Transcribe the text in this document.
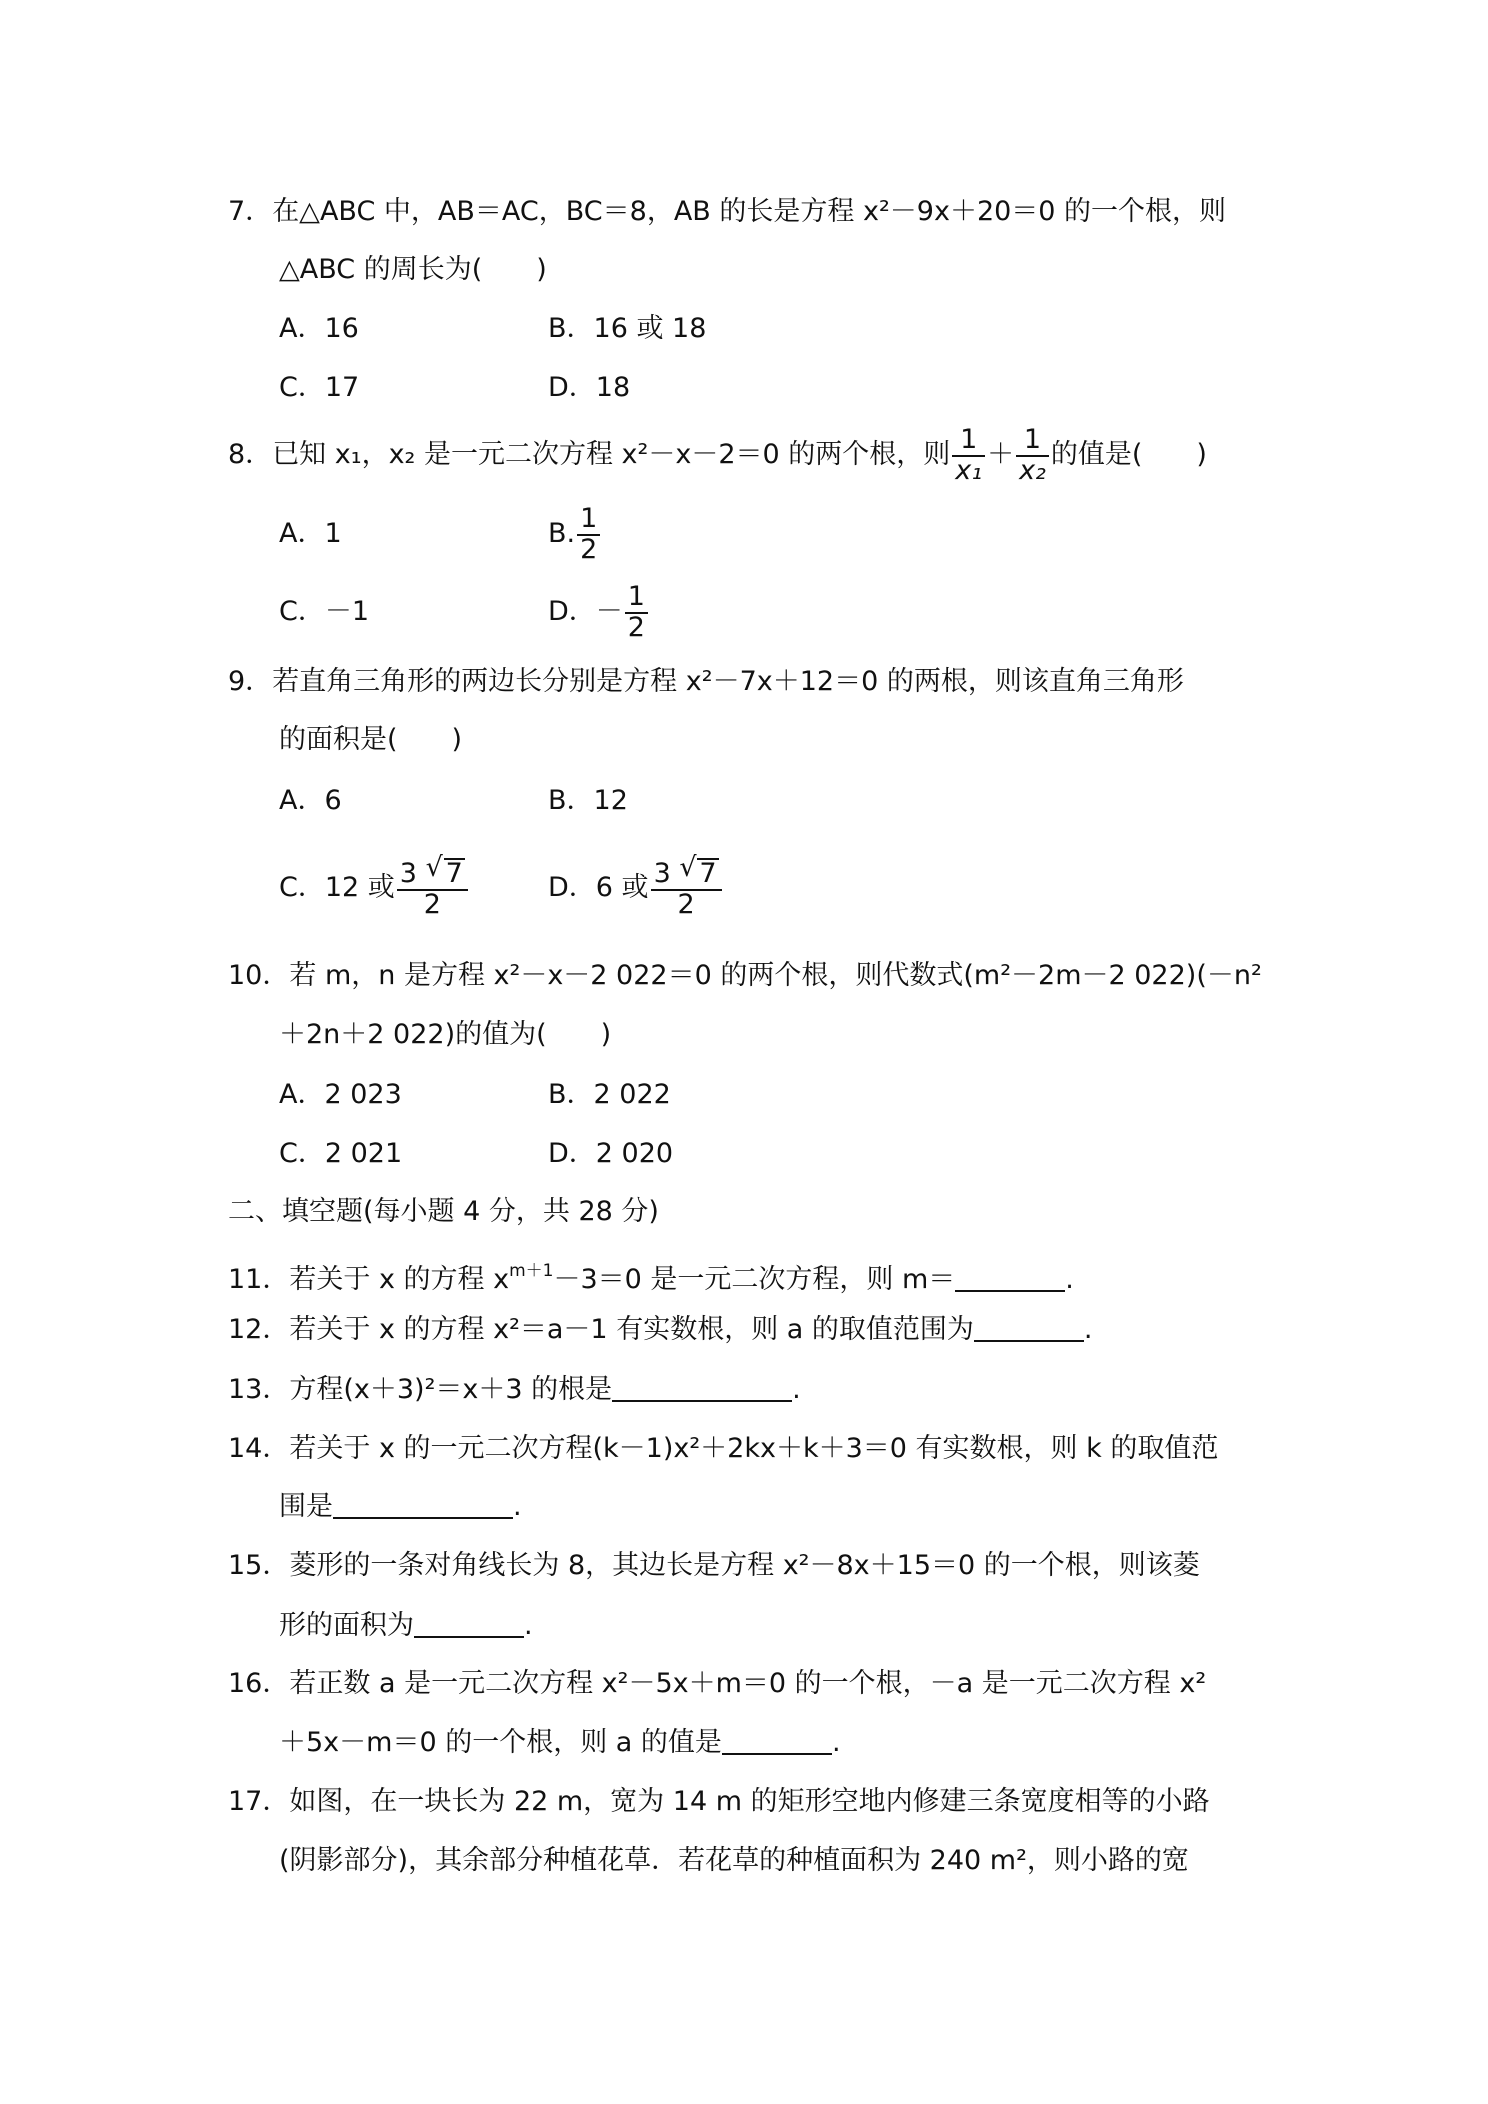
7．在△ABC 中，AB＝AC，BC＝8，AB 的长是方程 x²－9x＋20＝0 的一个根，则
△ABC 的周长为(　　)
A．16	B．16 或 18
C．17	D．18
8．已知 x₁，x₂ 是一元二次方程 x²－x－2＝0 的两个根，则 $\frac{1}{\text{x₁}} + \frac{1}{\text{x₂}}$ 的值是(　　)
A．1	B. $\frac{1}{2}$
C．－1	D．－ $\frac{1}{2}$
9．若直角三角形的两边长分别是方程 x²－7x＋12＝0 的两根，则该直角三角形
的面积是(　　)
A．6	B．12
C．12 或 $\frac{3 √ 7}{2}$	D．6 或 $\frac{3 √ 7}{2}$
10．若 m，n 是方程 x²－x－2 022＝0 的两个根，则代数式(m²－2m－2 022)(－n²
＋2n＋2 022)的值为(　　)
A．2 023	B．2 022
C．2 021	D．2 020
二、填空题(每小题 4 分，共 28 分)
11．若关于 x 的方程 $x^{m+1}-3=0$ 是一元二次方程，则 m＝	.
12．若关于 x 的方程 x²＝a－1 有实数根，则 a 的取值范围为	.
13．方程(x＋3)²＝x＋3 的根是	.
14．若关于 x 的一元二次方程(k－1)x²＋2kx＋k＋3＝0 有实数根，则 k 的取值范
围是	.
15．菱形的一条对角线长为 8，其边长是方程 x²－8x＋15＝0 的一个根，则该菱
形的面积为	.
16．若正数 a 是一元二次方程 x²－5x＋m＝0 的一个根，－a 是一元二次方程 x²
＋5x－m＝0 的一个根，则 a 的值是	.
17．如图，在一块长为 22 m，宽为 14 m 的矩形空地内修建三条宽度相等的小路
(阴影部分)，其余部分种植花草．若花草的种植面积为 240 m²，则小路的宽
